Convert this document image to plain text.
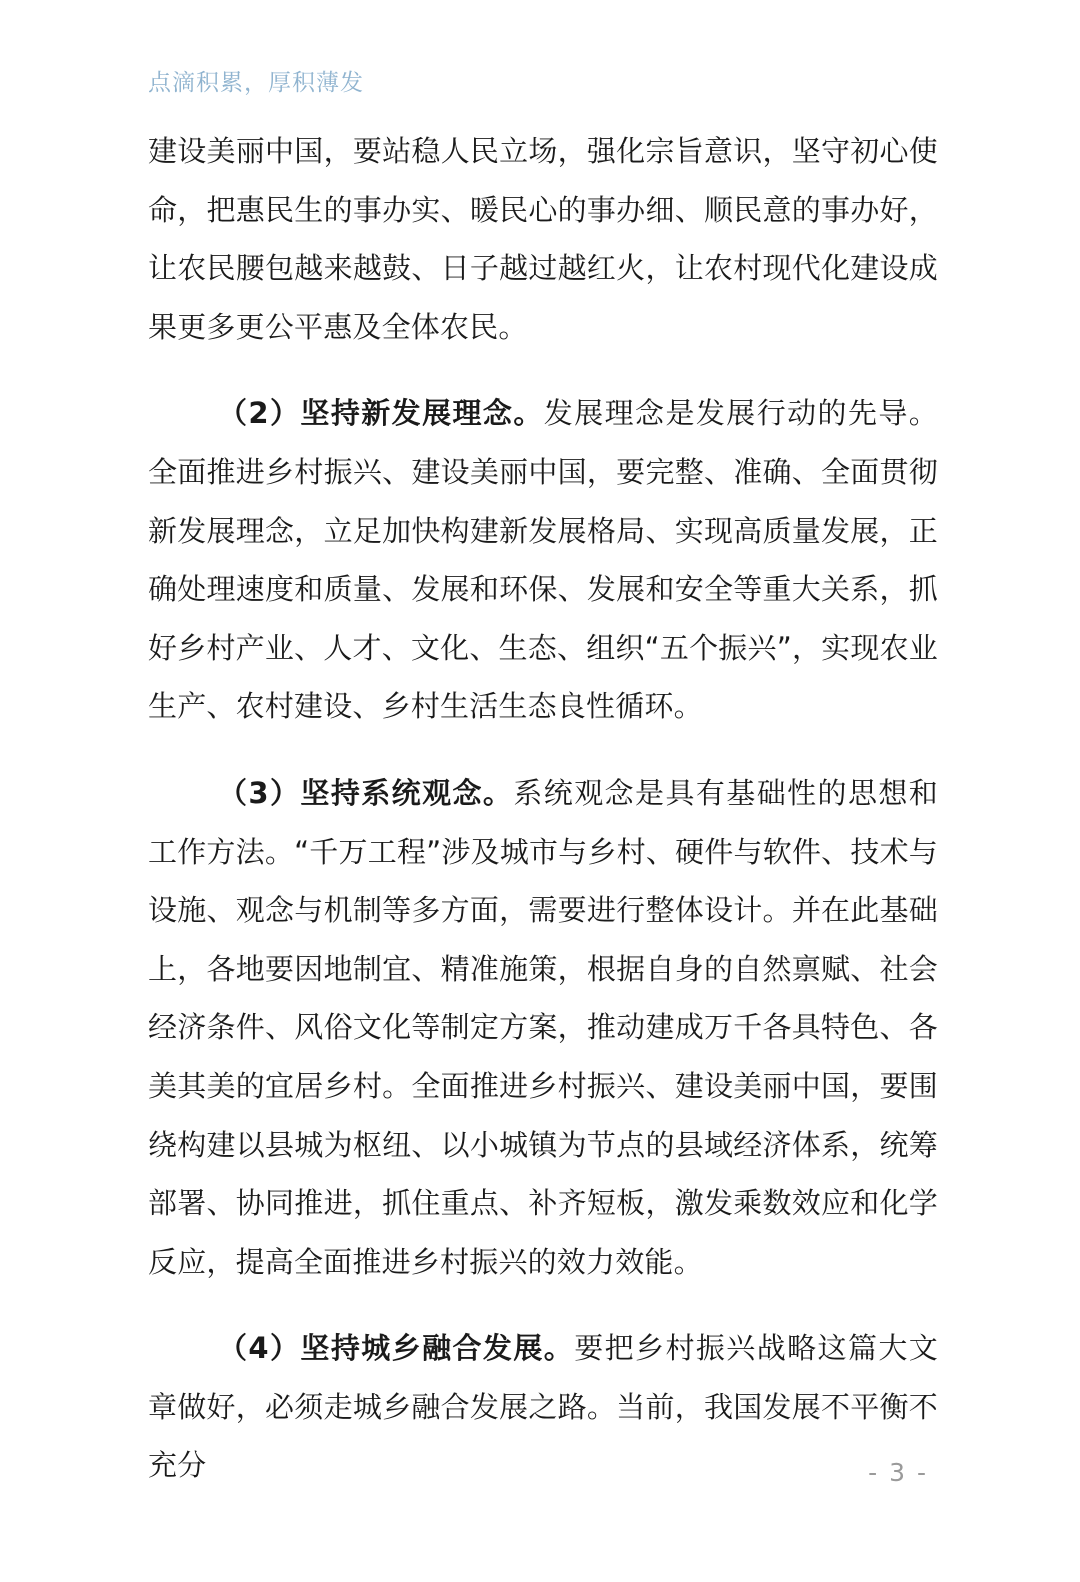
点滴积累，厚积薄发

建设美丽中国，要站稳人民立场，强化宗旨意识，坚守初心使命，把惠民生的事办实、暖民心的事办细、顺民意的事办好，让农民腰包越来越鼓、日子越过越红火，让农村现代化建设成果更多更公平惠及全体农民。

（2）坚持新发展理念。发展理念是发展行动的先导。全面推进乡村振兴、建设美丽中国，要完整、准确、全面贯彻新发展理念，立足加快构建新发展格局、实现高质量发展，正确处理速度和质量、发展和环保、发展和安全等重大关系，抓好乡村产业、人才、文化、生态、组织“五个振兴”，实现农业生产、农村建设、乡村生活生态良性循环。

（3）坚持系统观念。系统观念是具有基础性的思想和工作方法。“千万工程”涉及城市与乡村、硬件与软件、技术与设施、观念与机制等多方面，需要进行整体设计。并在此基础上，各地要因地制宜、精准施策，根据自身的自然禀赋、社会经济条件、风俗文化等制定方案，推动建成万千各具特色、各美其美的宜居乡村。全面推进乡村振兴、建设美丽中国，要围绕构建以县城为枢纽、以小城镇为节点的县域经济体系，统筹部署、协同推进，抓住重点、补齐短板，激发乘数效应和化学反应，提高全面推进乡村振兴的效力效能。

（4）坚持城乡融合发展。要把乡村振兴战略这篇大文章做好，必须走城乡融合发展之路。当前，我国发展不平衡不充分	- 3 -
